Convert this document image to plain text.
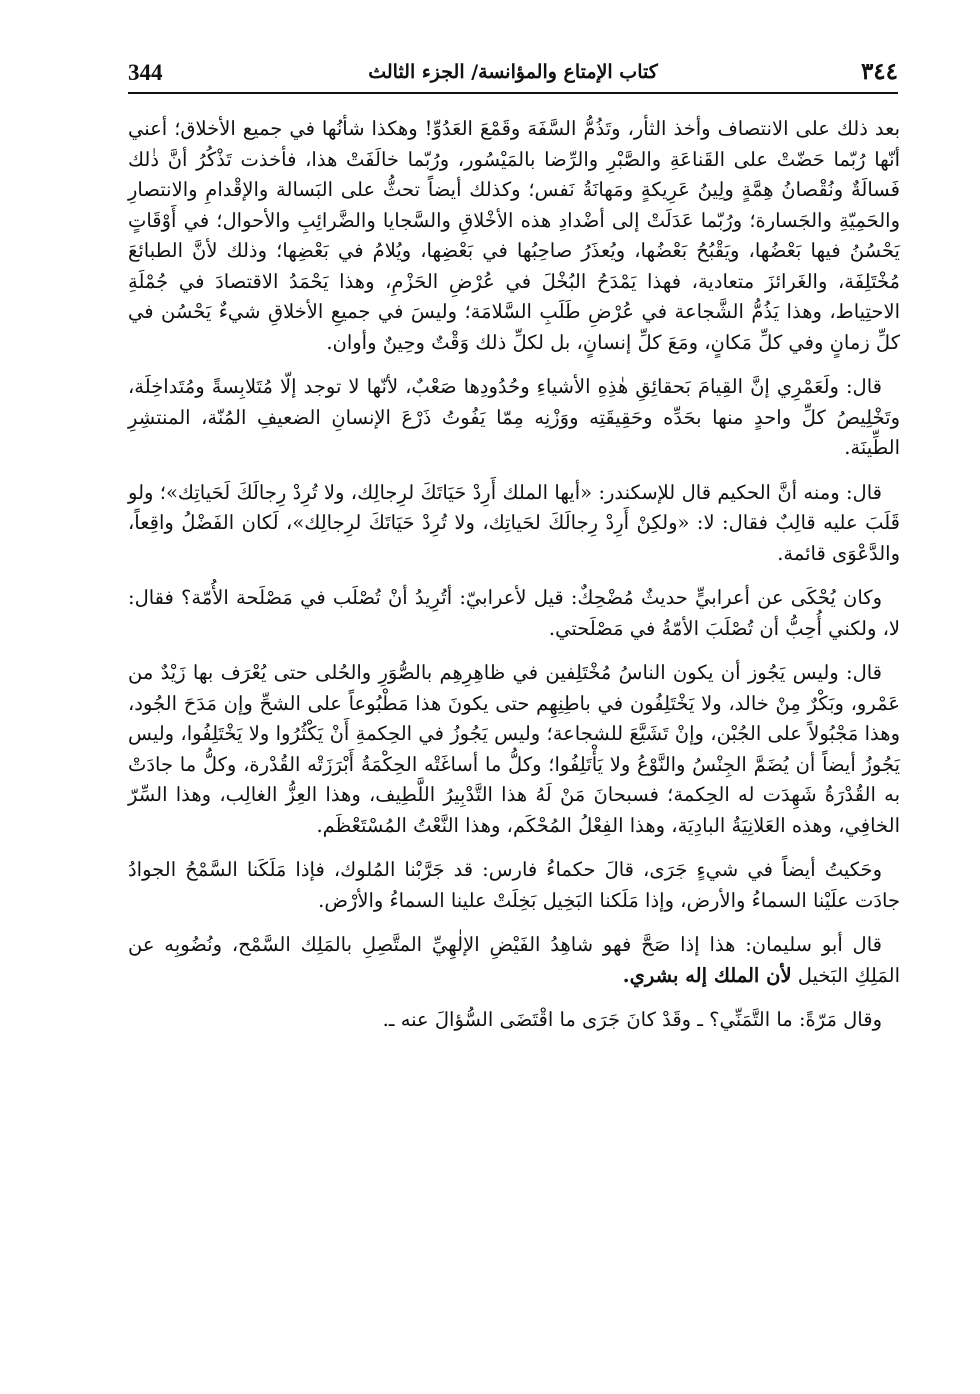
344	كتاب الإمتاع والمؤانسة/ الجزء الثالث	٣٤٤

بعد ذلك على الانتصاف وأخذ الثأر، وتَذُمُّ السَّفَهَ وقَمْعَ العَدُوِّ! وهكذا شأنُها في جميع الأخلاق؛ أعني أنّها رُبّما حَضّتْ على القَناعَةِ والصَّبْرِ والرِّضا بالمَيْسُور، ورُبّما خالَفَتْ هذا، فأخذت تَذْكُرُ أنَّ ذٰلك فَسالَةٌ ونُقْصانُ هِمَّةٍ ولِينُ عَرِيكةٍ ومَهانَةُ نَفس؛ وكذلك أيضاً تحثُّ على البَسالة والإقْدامِ والانتصارِ والحَمِيّةِ والجَسارة؛ ورُبّما عَدَلَتْ إلى أضْدادِ هذه الأخْلاقِ والسَّجايا والضَّرائِبِ والأحوال؛ في أَوْقَاتٍ يَحْسُنُ فيها بَعْضُها، ويَقْبُحُ بَعْضُها، ويُعذَرُ صاحِبُها في بَعْضِها، ويُلامُ في بَعْضِها؛ وذلك لأنَّ الطبائعَ مُخْتَلِفَة، والغَرائزَ متعادية، فهذا يَمْدَحُ البُخْلَ في عُرْضِ الحَزْمِ، وهذا يَحْمَدُ الاقتصادَ في جُمْلَةِ الاحتِياط، وهذا يَذُمُّ الشَّجاعة في عُرْضِ طَلَبِ السَّلامَة؛ وليسَ في جميعِ الأخلاقِ شيءٌ يَحْسُن في كلِّ زمانٍ وفي كلِّ مَكانٍ، ومَعَ كلِّ إنسانٍ، بل لكلِّ ذلك وَقْتٌ وحِينٌ وأوان.

قال: ولَعَمْرِي إنَّ القِيامَ بَحقائِقِ هٰذِهِ الأشياءِ وحُدُودِها صَعْبٌ، لأنّها لا توجد إلّا مُتَلابِسةً ومُتَداخِلَة، وتَخْلِيصُ كلِّ واحدٍ منها بحَدِّه وحَقِيقَتِه ووَزْنِه مِمّا يَفُوتُ ذَرْعَ الإنسانِ الضعيفِ المُنّة، المنتشِرِ الطِّينَة.

قال: ومنه أنَّ الحكيم قال للإسكندر: «أيها الملك أَرِدْ حَيَاتَكَ لرِجالِك، ولا تُرِدْ رِجالَكَ لَحَياتِك»؛ ولو قَلَبَ عليه قالِبٌ فقال: لا: «ولكِنْ أَرِدْ رِجالَكَ لحَياتِك، ولا تُرِدْ حَيَاتَكَ لرِجالِك»، لَكان الفَضْلُ واقِعاً، والدَّعْوَى قائمة.

وكان يُحْكَى عن أعرابيٍّ حديثٌ مُضْحِكٌ: قيل لأعرابيّ: أتُرِيدُ أنْ تُصْلَب في مَصْلَحة الأُمّة؟ فقال: لا، ولكني أُحِبُّ أن تُصْلَبَ الأمّةُ في مَصْلَحتي.

قال: وليس يَجُوز أن يكون الناسُ مُخْتَلِفين في ظاهِرِهِم بالصُّوَرِ والحُلى حتى يُعْرَف بها زَيْدٌ من عَمْرو، وبَكْرٌ مِنْ خالد، ولا يَخْتَلِفُون في باطِنِهِم حتى يكونَ هذا مَطْبُوعاً على الشحِّ وإن مَدَحَ الجُود، وهذا مَجْبُولاً على الجُبْن، وإنْ تَشَيَّعَ للشجاعة؛ وليس يَجُوزُ في الحِكمةِ أَنْ يَكْثُرُوا ولا يَخْتَلِفُوا، وليس يَجُوزُ أيضاً أن يُضَمَّ الجِنْسُ والنَّوْعُ ولا يَأْتَلِفُوا؛ وكلُّ ما أساغَتْه الحِكْمَةُ أَبْرَزَتْه القُدْرة، وكلُّ ما جادَتْ به القُدْرَةُ شَهِدَت له الحِكمة؛ فسبحانَ مَنْ لَهُ هذا التَّدْبِيرُ اللَّطِيف، وهذا العِزُّ الغالِب، وهذا السِّرّ الخافِي، وهذه العَلانِيَةُ البادِيَة، وهذا الفِعْلُ المُحْكَم، وهذا النَّعْتُ المُسْتَعْظَم.

وحَكيتُ أيضاً في شيءٍ جَرَى، قالَ حكماءُ فارس: قد جَرَّبْنا المُلوك، فإذا مَلَكَنا السَّمْحُ الجوادُ جادَت علَيْنا السماءُ والأرض، وإذا مَلَكنا البَخِيل بَخِلَتْ علينا السماءُ والأرْض.

قال أبو سليمان: هذا إذا صَحَّ فهو شاهِدُ الفَيْضِ الإلٰهِيِّ المتَّصِلِ بالمَلِك السَّمْح، ونُضُوبِه عن المَلِكِ البَخيل لأن الملك إله بشري.

وقال مَرّةً: ما التَّمَنِّي؟ ـ وقَدْ كانَ جَرَى ما اقْتَضَى السُّؤالَ عنه ـ.
